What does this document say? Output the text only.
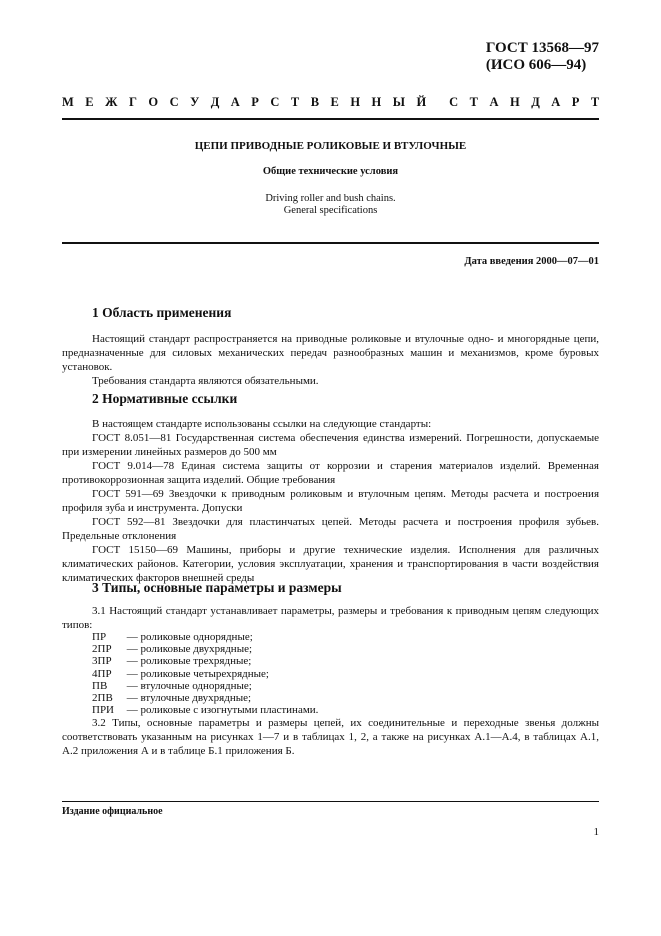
ГОСТ 13568—97
(ИСО 606—94)
М Е Ж Г О С У Д А Р С Т В Е Н Н Ы Й С Т А Н Д А Р Т
ЦЕПИ ПРИВОДНЫЕ РОЛИКОВЫЕ И ВТУЛОЧНЫЕ
Общие технические условия
Driving roller and bush chains.
General specifications
Дата введения 2000—07—01
1 Область применения

Настоящий стандарт распространяется на приводные роликовые и втулочные одно- и многорядные цепи, предназначенные для силовых механических передач разнообразных машин и механизмов, кроме буровых установок.

Требования стандарта являются обязательными.

2 Нормативные ссылки

В настоящем стандарте использованы ссылки на следующие стандарты:

ГОСТ 8.051—81 Государственная система обеспечения единства измерений. Погрешности, допускаемые при измерении линейных размеров до 500 мм

ГОСТ 9.014—78 Единая система защиты от коррозии и старения материалов изделий. Временная противокоррозионная защита изделий. Общие требования

ГОСТ 591—69 Звездочки к приводным роликовым и втулочным цепям. Методы расчета и построения профиля зуба и инструмента. Допуски

ГОСТ 592—81 Звездочки для пластинчатых цепей. Методы расчета и построения профиля зубьев. Предельные отклонения

ГОСТ 15150—69 Машины, приборы и другие технические изделия. Исполнения для различных климатических районов. Категории, условия эксплуатации, хранения и транспортирования в части воздействия климатических факторов внешней среды

3 Типы, основные параметры и размеры

3.1 Настоящий стандарт устанавливает параметры, размеры и требования к приводным цепям следующих типов:

ПР — роликовые однорядные;
2ПР — роликовые двухрядные;
3ПР — роликовые трехрядные;
4ПР — роликовые четырехрядные;
ПВ — втулочные однорядные;
2ПВ — втулочные двухрядные;
ПРИ — роликовые с изогнутыми пластинами.

3.2 Типы, основные параметры и размеры цепей, их соединительные и переходные звенья должны соответствовать указанным на рисунках 1—7 и в таблицах 1, 2, а также на рисунках А.1—А.4, в таблицах А.1, А.2 приложения А и в таблице Б.1 приложения Б.

Издание официальное
1
